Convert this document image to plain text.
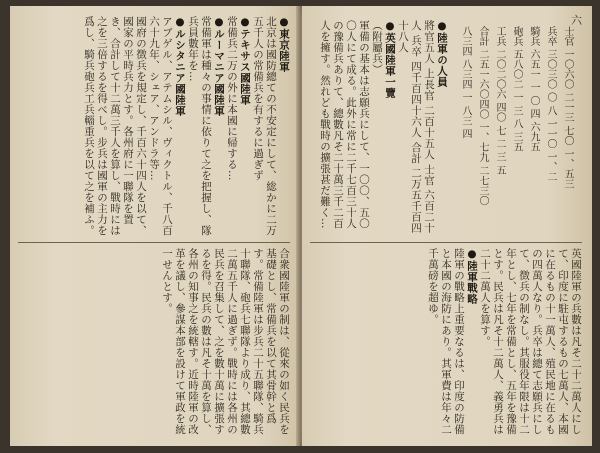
●東京陸軍
北京は國防總ての不安定にして、総かに二万五千人の常備兵を有するに過ぎず
●テキサス國陸軍
常備兵二万の外に本國に帰する…
●ルーマニア國陸軍
常備軍は種々の事情に依りて之を把握し、隊兵員數年を…
●ルシタニア國陸軍
アブゲル、アテムシル、ヴィクトル、千八百六十九年、シェア、アンドラ等…
國府の徴兵を規定し、千百六十四人を以て、國家の平時兵力とす。各州府に一聯隊を置き、合計して十二萬三千人を算し、戰時には之を三倍するを得べし。步兵は國軍の主力を爲し、騎兵砲兵工兵輜重兵を以て之を補ふ。
合衆國陸軍の制は、從來の如く民兵を基礎とし、常備兵を以て其骨幹と爲す。常備陸軍は步兵二十五聯隊、騎兵十聯隊、砲兵七聯隊より成り、其總數二萬五千人に過ぎず。戰時には各州の民兵を召集して、之を數十萬に擴張するを得。民兵の數は凡そ十萬を算し、各州の知事之を統轄す。近時陸軍の改革を議し、參謀本部を設けて軍政を統一せんとす。
六
士官 一〇六〇 二一三 七〇 一、五三
兵卒 三〇三〇 〇 八 一一〇 一、二
騎兵 六五一 一 〇 四 六九五
砲兵 五八〇二 一 三 八 三五
工兵 二〇二〇六 四〇 七 二 三 五
合計 二五一六〇四〇 一、七九 二七三〇
八三四 八三四 一 八三 四
●陸軍の人員
將官五人 上長官 二百十五人 士官 六百二十人 兵卒 四千百四十六人 合計 二万五千百四十八人
●英國陸軍一覽
（附屬兵）
軍備の基本は志願兵にして、一〇〇、五〇〇人にて成る。此外に常に二千七百三十人の豫備兵ありて、總數凡そ二十萬三千二百人を擁す。然れども戰時の擴張甚だ難く…
英國陸軍の兵數は凡そ二十二萬人にして、印度に駐屯するもの七萬人、本國に在るもの十一萬人、殖民地に在るもの四萬人なり。兵卒は總て志願兵にして、徴兵の制なし。其服役年限は十二年とし、七年を常備とし、五年を豫備とす。民兵は凡そ十二萬人、義勇兵は二十二萬人を算す。
●陸軍戰略
陸軍の戰略上重要なるは、印度の防備と本國の海防にあり。其軍費は年々二千萬磅を超ゆ。
